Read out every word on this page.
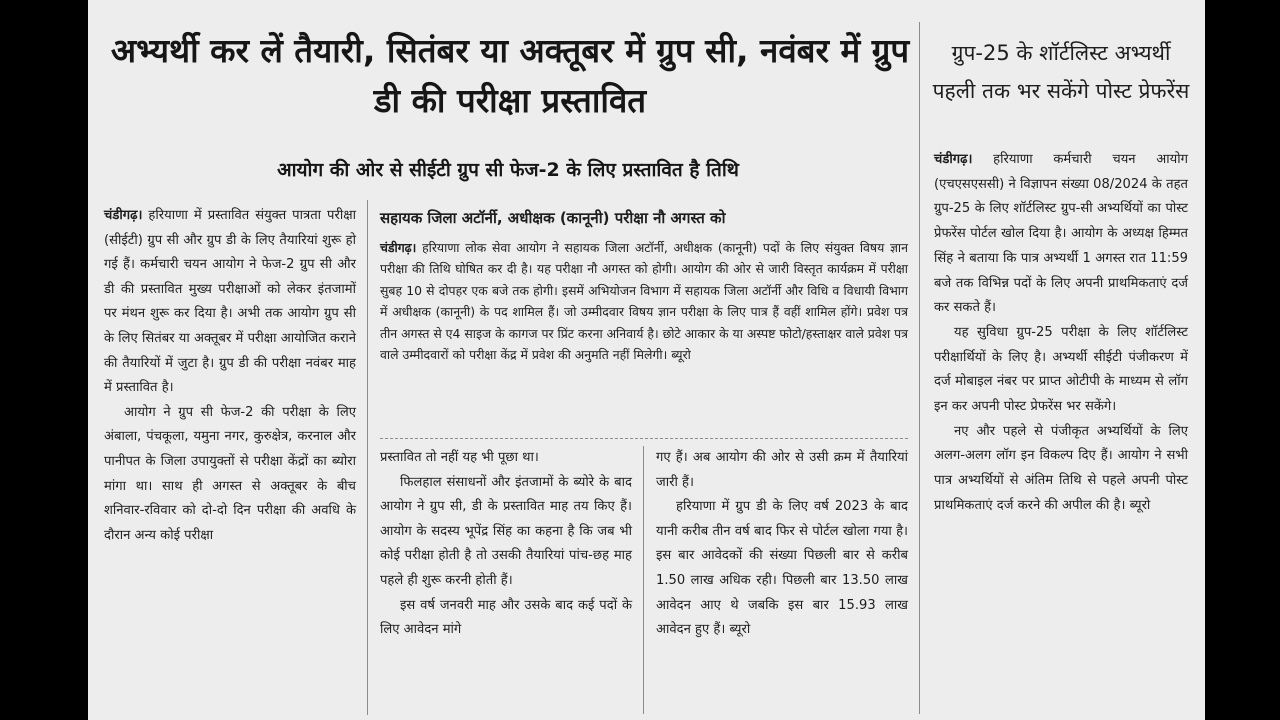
अभ्यर्थी कर लें तैयारी, सितंबर या अक्तूबर में ग्रुप सी, नवंबर में ग्रुप डी की परीक्षा प्रस्तावित
आयोग की ओर से सीईटी ग्रुप सी फेज-2 के लिए प्रस्तावित है तिथि
चंडीगढ़। हरियाणा में प्रस्तावित संयुक्त पात्रता परीक्षा (सीईटी) ग्रुप सी और ग्रुप डी के लिए तैयारियां शुरू हो गई हैं। कर्मचारी चयन आयोग ने फेज-2 ग्रुप सी और डी की प्रस्तावित मुख्य परीक्षाओं को लेकर इंतजामों पर मंथन शुरू कर दिया है। अभी तक आयोग ग्रुप सी के लिए सितंबर या अक्तूबर में परीक्षा आयोजित कराने की तैयारियों में जुटा है। ग्रुप डी की परीक्षा नवंबर माह में प्रस्तावित है।
आयोग ने ग्रुप सी फेज-2 की परीक्षा के लिए अंबाला, पंचकूला, यमुना नगर, कुरुक्षेत्र, करनाल और पानीपत के जिला उपायुक्तों से परीक्षा केंद्रों का ब्योरा मांगा था। साथ ही अगस्त से अक्तूबर के बीच शनिवार-रविवार को दो-दो दिन परीक्षा की अवधि के दौरान अन्य कोई परीक्षा
सहायक जिला अटॉर्नी, अधीक्षक (कानूनी) परीक्षा नौ अगस्त को
चंडीगढ़। हरियाणा लोक सेवा आयोग ने सहायक जिला अटॉर्नी, अधीक्षक (कानूनी) पदों के लिए संयुक्त विषय ज्ञान परीक्षा की तिथि घोषित कर दी है। यह परीक्षा नौ अगस्त को होगी। आयोग की ओर से जारी विस्तृत कार्यक्रम में परीक्षा सुबह 10 से दोपहर एक बजे तक होगी। इसमें अभियोजन विभाग में सहायक जिला अटॉर्नी और विधि व विधायी विभाग में अधीक्षक (कानूनी) के पद शामिल हैं। जो उम्मीदवार विषय ज्ञान परीक्षा के लिए पात्र हैं वहीं शामिल होंगे। प्रवेश पत्र तीन अगस्त से ए4 साइज के कागज पर प्रिंट करना अनिवार्य है। छोटे आकार के या अस्पष्ट फोटो/हस्ताक्षर वाले प्रवेश पत्र वाले उम्मीदवारों को परीक्षा केंद्र में प्रवेश की अनुमति नहीं मिलेगी। ब्यूरो
प्रस्तावित तो नहीं यह भी पूछा था।
फिलहाल संसाधनों और इंतजामों के ब्योरे के बाद आयोग ने ग्रुप सी, डी के प्रस्तावित माह तय किए हैं। आयोग के सदस्य भूपेंद्र सिंह का कहना है कि जब भी कोई परीक्षा होती है तो उसकी तैयारियां पांच-छह माह पहले ही शुरू करनी होती हैं।
इस वर्ष जनवरी माह और उसके बाद कई पदों के लिए आवेदन मांगे
गए हैं। अब आयोग की ओर से उसी क्रम में तैयारियां जारी हैं।
हरियाणा में ग्रुप डी के लिए वर्ष 2023 के बाद यानी करीब तीन वर्ष बाद फिर से पोर्टल खोला गया है। इस बार आवेदकों की संख्या पिछली बार से करीब 1.50 लाख अधिक रही। पिछली बार 13.50 लाख आवेदन आए थे जबकि इस बार 15.93 लाख आवेदन हुए हैं। ब्यूरो
ग्रुप-25 के शॉर्टलिस्ट अभ्यर्थी पहली तक भर सकेंगे पोस्ट प्रेफरेंस
चंडीगढ़। हरियाणा कर्मचारी चयन आयोग (एचएसएससी) ने विज्ञापन संख्या 08/2024 के तहत ग्रुप-25 के लिए शॉर्टलिस्ट ग्रुप-सी अभ्यर्थियों का पोस्ट प्रेफरेंस पोर्टल खोल दिया है। आयोग के अध्यक्ष हिम्मत सिंह ने बताया कि पात्र अभ्यर्थी 1 अगस्त रात 11:59 बजे तक विभिन्न पदों के लिए अपनी प्राथमिकताएं दर्ज कर सकते हैं।
यह सुविधा ग्रुप-25 परीक्षा के लिए शॉर्टलिस्ट परीक्षार्थियों के लिए है। अभ्यर्थी सीईटी पंजीकरण में दर्ज मोबाइल नंबर पर प्राप्त ओटीपी के माध्यम से लॉग इन कर अपनी पोस्ट प्रेफरेंस भर सकेंगे।
नए और पहले से पंजीकृत अभ्यर्थियों के लिए अलग-अलग लॉग इन विकल्प दिए हैं। आयोग ने सभी पात्र अभ्यर्थियों से अंतिम तिथि से पहले अपनी पोस्ट प्राथमिकताएं दर्ज करने की अपील की है। ब्यूरो
